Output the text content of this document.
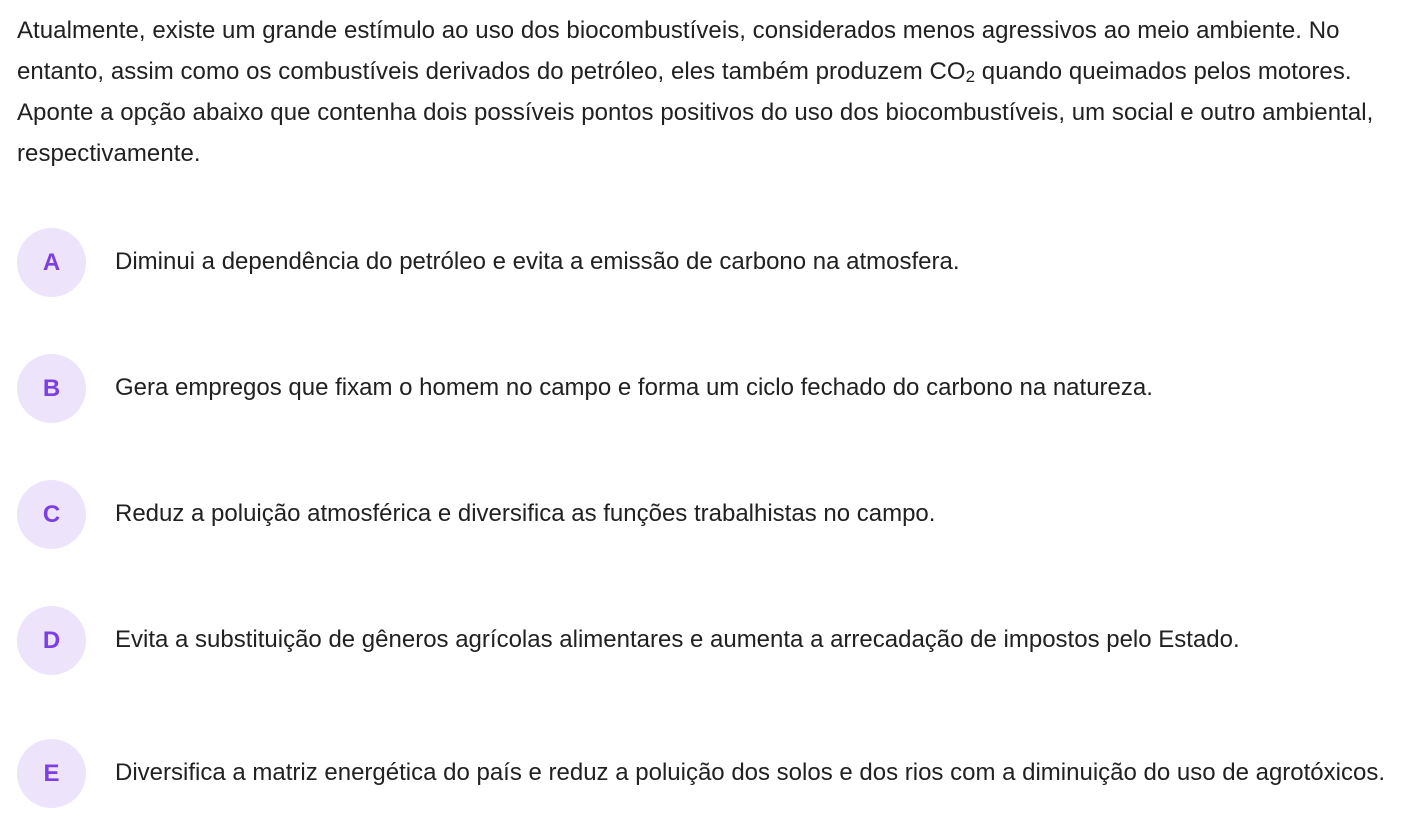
Atualmente, existe um grande estímulo ao uso dos biocombustíveis, considerados menos agressivos ao meio ambiente. No entanto, assim como os combustíveis derivados do petróleo, eles também produzem $CO_2$ quando queimados pelos motores. Aponte a opção abaixo que contenha dois possíveis pontos positivos do uso dos biocombustíveis, um social e outro ambiental, respectivamente.
A	Diminui a dependência do petróleo e evita a emissão de carbono na atmosfera.
B	Gera empregos que fixam o homem no campo e forma um ciclo fechado do carbono na natureza.
C	Reduz a poluição atmosférica e diversifica as funções trabalhistas no campo.
D	Evita a substituição de gêneros agrícolas alimentares e aumenta a arrecadação de impostos pelo Estado.
E	Diversifica a matriz energética do país e reduz a poluição dos solos e dos rios com a diminuição do uso de agrotóxicos.
